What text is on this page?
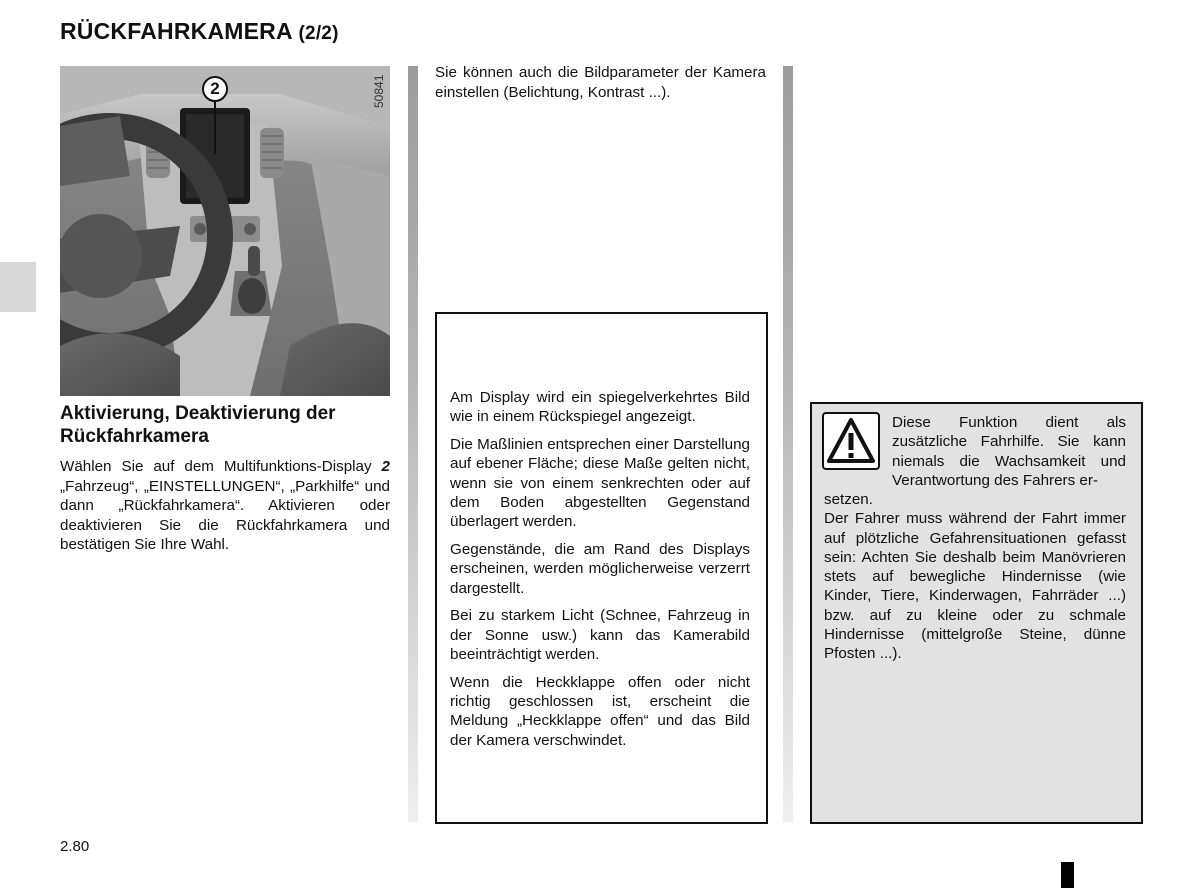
RÜCKFAHRKAMERA (2/2)
2	50841
Aktivierung, Deaktivierung der Rückfahrkamera
Wählen Sie auf dem Multifunktions-Display 2 „Fahrzeug“, „EINSTELLUNGEN“, „Parkhilfe“ und dann „Rückfahrkamera“. Aktivieren oder deaktivieren Sie die Rückfahrkamera und bestätigen Sie Ihre Wahl.
Sie können auch die Bildparameter der Kamera einstellen (Belichtung, Kontrast ...).

Am Display wird ein spiegelverkehrtes Bild wie in einem Rückspiegel angezeigt.

Die Maßlinien entsprechen einer Darstellung auf ebener Fläche; diese Maße gelten nicht, wenn sie von einem senkrechten oder auf dem Boden abgestellten Gegenstand überlagert werden.

Gegenstände, die am Rand des Displays erscheinen, werden möglicherweise verzerrt dargestellt.

Bei zu starkem Licht (Schnee, Fahrzeug in der Sonne usw.) kann das Kamerabild beeinträchtigt werden.

Wenn die Heckklappe offen oder nicht richtig geschlossen ist, erscheint die Meldung „Heckklappe offen“ und das Bild der Kamera verschwindet.

Diese Funktion dient als zusätzliche Fahrhilfe. Sie kann niemals die Wachsamkeit und Verantwortung des Fahrers er-

setzen.

Der Fahrer muss während der Fahrt immer auf plötzliche Gefahrensituationen gefasst sein: Achten Sie deshalb beim Manövrieren stets auf bewegliche Hindernisse (wie Kinder, Tiere, Kinderwagen, Fahrräder ...) bzw. auf zu kleine oder zu schmale Hindernisse (mittelgroße Steine, dünne Pfosten ...).

2.80
